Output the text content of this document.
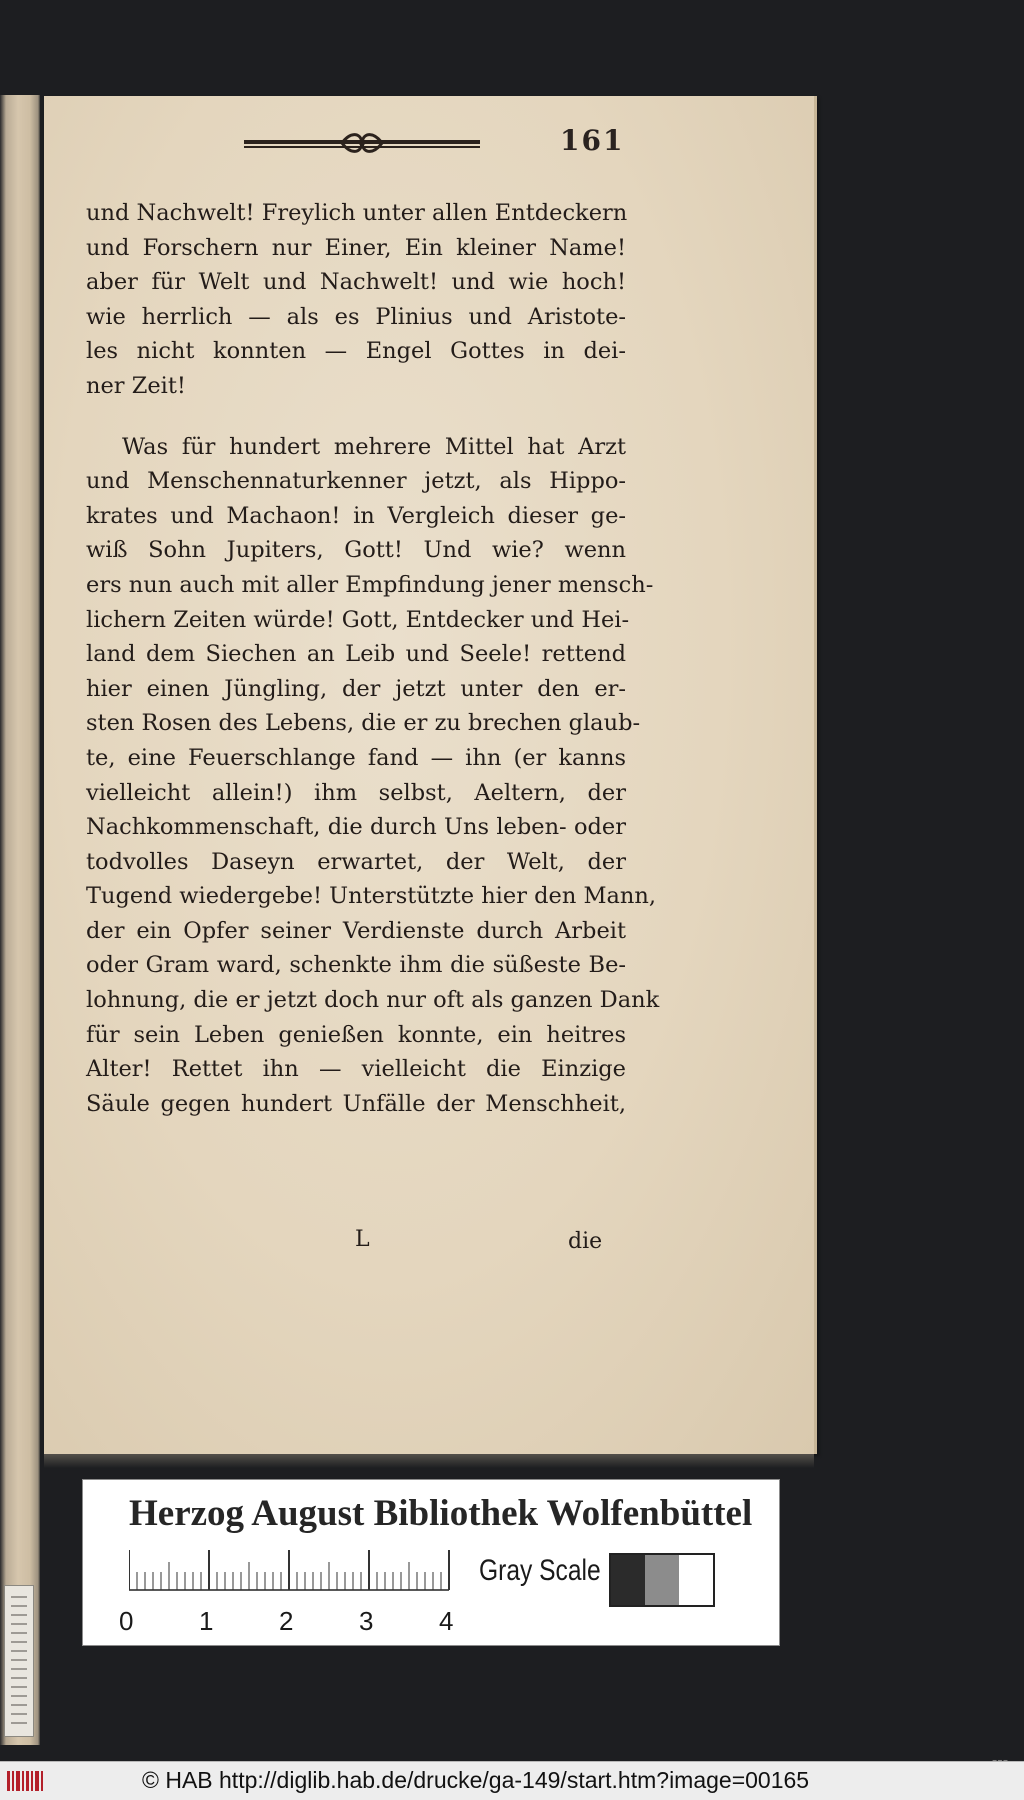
161

und Nachwelt! Freylich unter allen Entdeckern
und Forschern nur Einer, Ein kleiner Name!
aber für Welt und Nachwelt! und wie hoch!
wie herrlich — als es Plinius und Aristote-
les nicht konnten — Engel Gottes in dei-
ner Zeit!

Was für hundert mehrere Mittel hat Arzt
und Menschennaturkenner jetzt, als Hippo-
krates und Machaon! in Vergleich dieser ge-
wiß Sohn Jupiters, Gott! Und wie? wenn
ers nun auch mit aller Empfindung jener mensch-
lichern Zeiten würde! Gott, Entdecker und Hei-
land dem Siechen an Leib und Seele! rettend
hier einen Jüngling, der jetzt unter den er-
sten Rosen des Lebens, die er zu brechen glaub-
te, eine Feuerschlange fand — ihn (er kanns
vielleicht allein!) ihm selbst, Aeltern, der
Nachkommenschaft, die durch Uns leben- oder
todvolles Daseyn erwartet, der Welt, der
Tugend wiedergebe! Unterstützte hier den Mann,
der ein Opfer seiner Verdienste durch Arbeit
oder Gram ward, schenkte ihm die süßeste Be-
lohnung, die er jetzt doch nur oft als ganzen Dank
für sein Leben genießen konnte, ein heitres
Alter! Rettet ihn — vielleicht die Einzige
Säule gegen hundert Unfälle der Menschheit,

L	die
Herzog August Bibliothek Wolfenbüttel
0	1	2	3	4
Gray Scale
© HAB http://diglib.hab.de/drucke/ga-149/start.htm?image=00165
